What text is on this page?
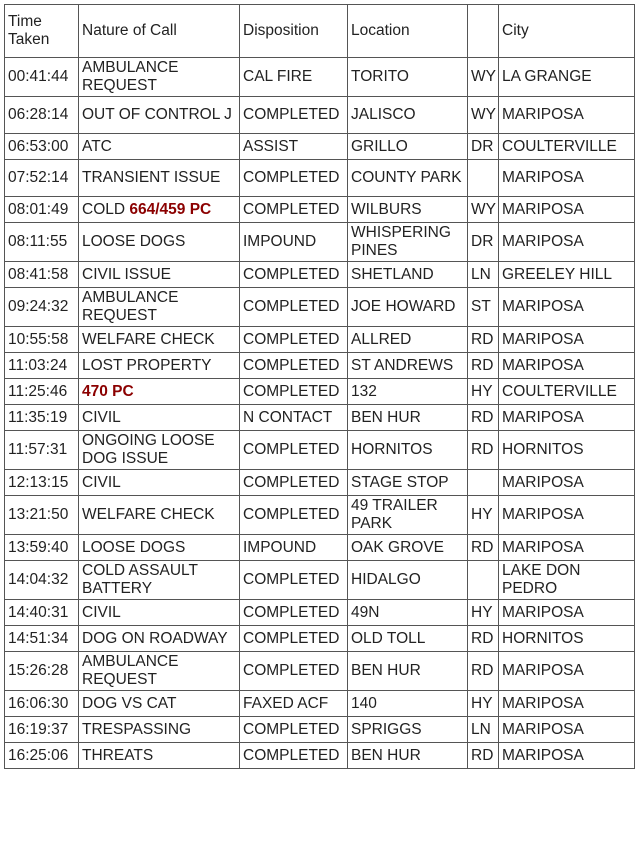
Time Taken	Nature of Call	Disposition	Location		City
00:41:44	AMBULANCE REQUEST	CAL FIRE	TORITO	WY	LA GRANGE
06:28:14	OUT OF CONTROL J	COMPLETED	JALISCO	WY	MARIPOSA
06:53:00	ATC	ASSIST	GRILLO	DR	COULTERVILLE
07:52:14	TRANSIENT ISSUE	COMPLETED	COUNTY PARK		MARIPOSA
08:01:49	COLD 664/459 PC	COMPLETED	WILBURS	WY	MARIPOSA
08:11:55	LOOSE DOGS	IMPOUND	WHISPERING PINES	DR	MARIPOSA
08:41:58	CIVIL ISSUE	COMPLETED	SHETLAND	LN	GREELEY HILL
09:24:32	AMBULANCE REQUEST	COMPLETED	JOE HOWARD	ST	MARIPOSA
10:55:58	WELFARE CHECK	COMPLETED	ALLRED	RD	MARIPOSA
11:03:24	LOST PROPERTY	COMPLETED	ST ANDREWS	RD	MARIPOSA
11:25:46	470 PC	COMPLETED	132	HY	COULTERVILLE
11:35:19	CIVIL	N CONTACT	BEN HUR	RD	MARIPOSA
11:57:31	ONGOING LOOSE DOG ISSUE	COMPLETED	HORNITOS	RD	HORNITOS
12:13:15	CIVIL	COMPLETED	STAGE STOP		MARIPOSA
13:21:50	WELFARE CHECK	COMPLETED	49 TRAILER PARK	HY	MARIPOSA
13:59:40	LOOSE DOGS	IMPOUND	OAK GROVE	RD	MARIPOSA
14:04:32	COLD ASSAULT BATTERY	COMPLETED	HIDALGO		LAKE DON PEDRO
14:40:31	CIVIL	COMPLETED	49N	HY	MARIPOSA
14:51:34	DOG ON ROADWAY	COMPLETED	OLD TOLL	RD	HORNITOS
15:26:28	AMBULANCE REQUEST	COMPLETED	BEN HUR	RD	MARIPOSA
16:06:30	DOG VS CAT	FAXED ACF	140	HY	MARIPOSA
16:19:37	TRESPASSING	COMPLETED	SPRIGGS	LN	MARIPOSA
16:25:06	THREATS	COMPLETED	BEN HUR	RD	MARIPOSA
